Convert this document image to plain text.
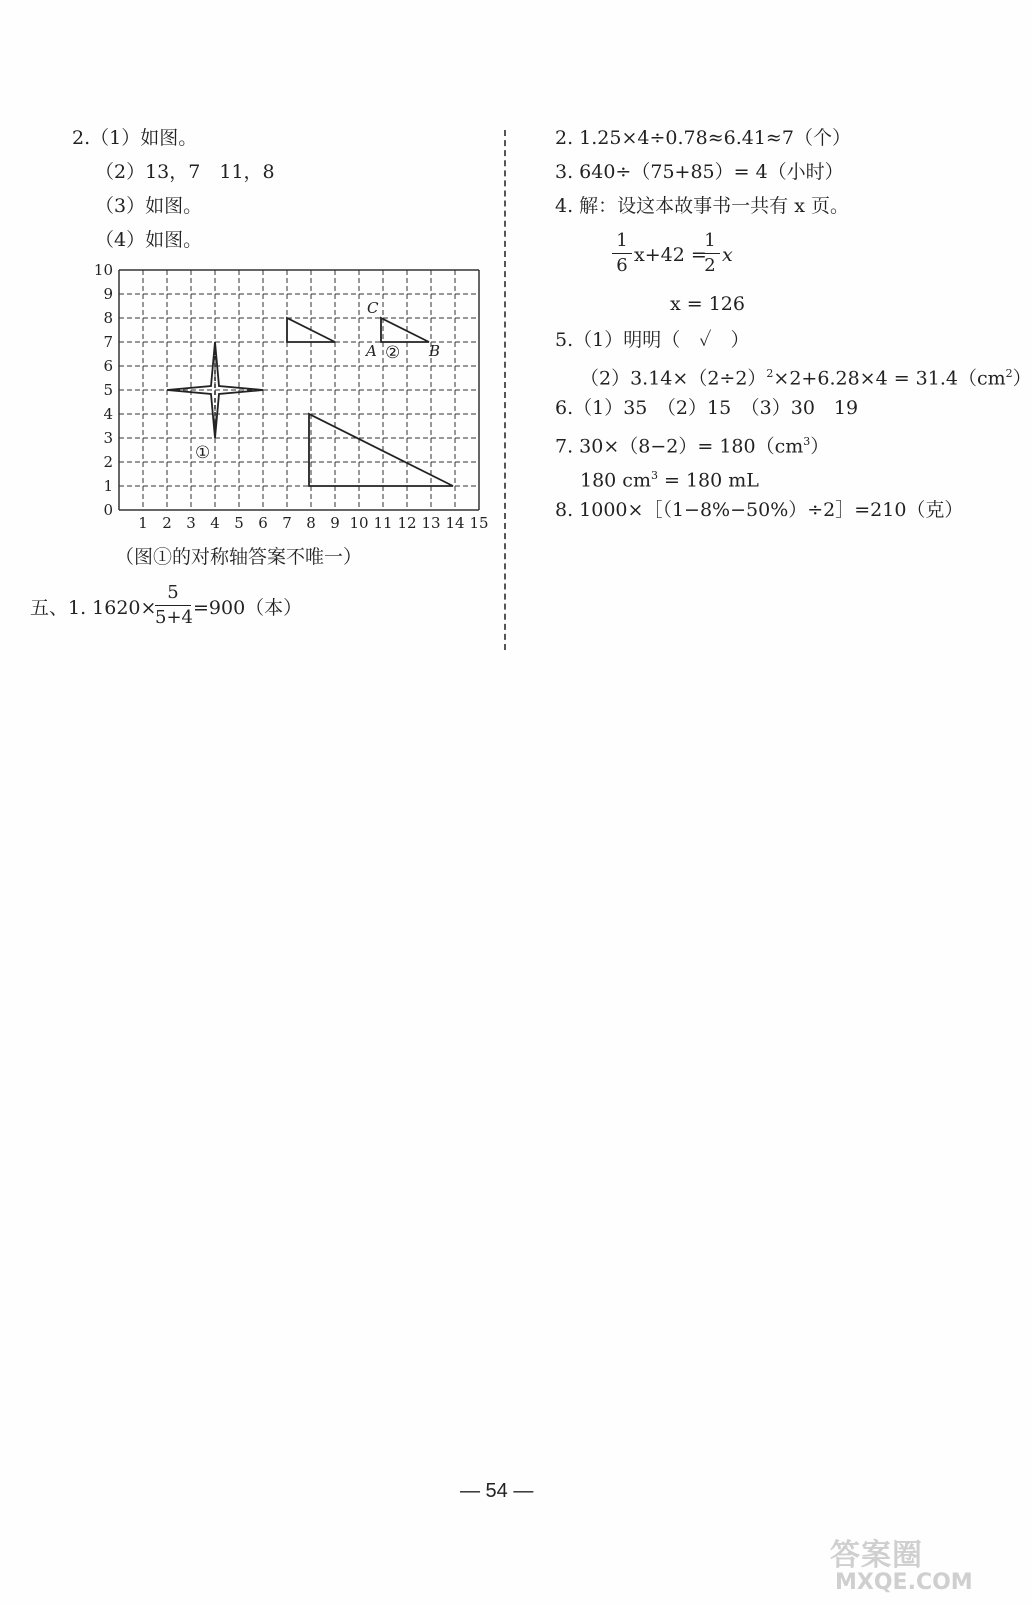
2.（1）如图。
（2）13，7　11，8
（3）如图。
（4）如图。
0
1
2
3
4
5
6
7
8
9
10
1 2 3 4 5 6 7 8 9 10 11 12 13 14 15
①
②
A	B
C
（图①的对称轴答案不唯一）
五、1. 1620×
5
5+4 =900（本）
2. 1.25×4÷0.78≈6.41≈7（个）
3. 640÷（75+85）= 4（小时）
4. 解：设这本故事书一共有 x 页。
1
6 x+42 =
1
2 x
x = 126
5.（1）明明（　✓　）
$(2)3.14\times(2\div 2)^2\times 2+6.28\times 4 = 31.4(cm^2)$
6.（1）35　（2）15　（3）30　19
7. $30\times(8-2)= 180(cm^3)$
180 $cm^3 = 180$ mL
8. 1000×［（1−8%−50%）÷2］=210（克）
— 54 —
答案圈
MXQE.COM
